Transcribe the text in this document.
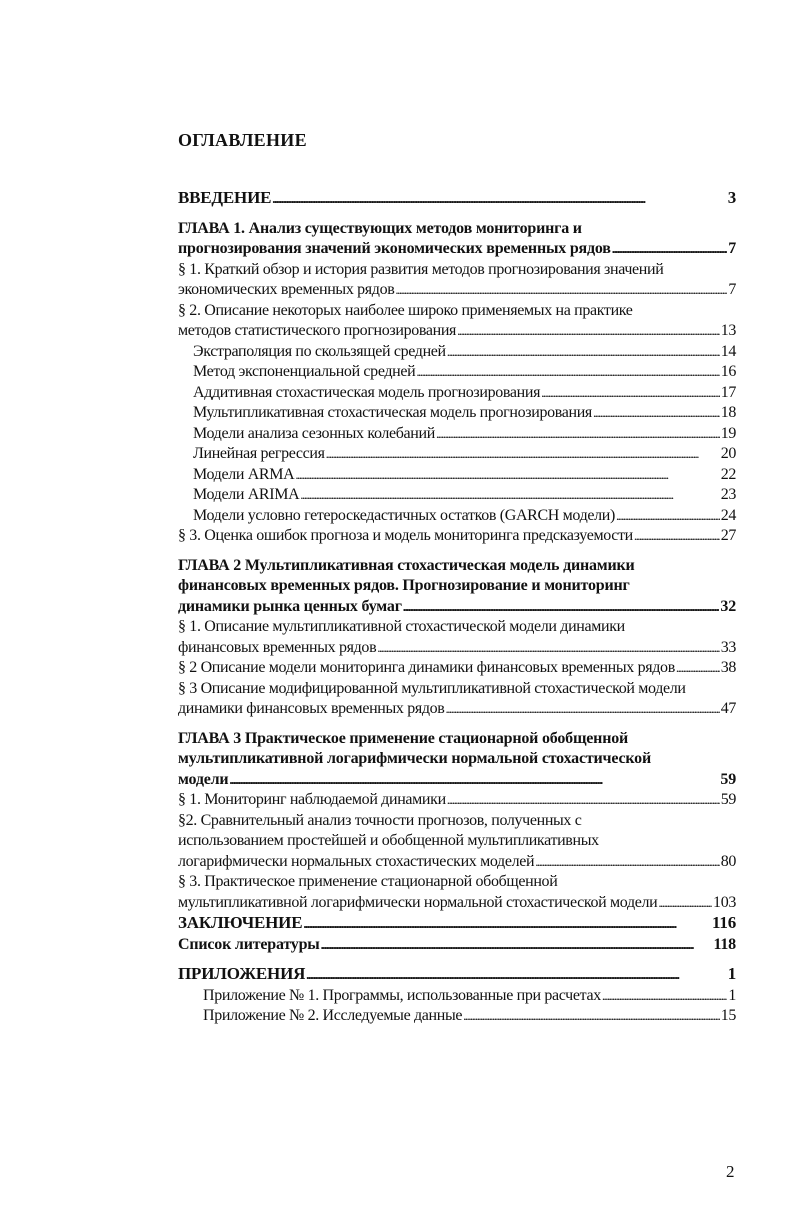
ОГЛАВЛЕНИЕ
ВВЕДЕНИЕ . . .	3
ГЛАВА 1. Анализ существующих методов мониторинга и
прогнозирования значений экономических временных рядов . . .	7
§ 1. Краткий обзор и история развития методов прогнозирования значений
экономических временных рядов . . .	7
§ 2. Описание некоторых наиболее широко применяемых на практике
методов статистического прогнозирования . . .	13
Экстраполяция по скользящей средней . . .	14
Метод экспоненциальной средней . . .	16
Аддитивная стохастическая модель прогнозирования . . .	17
Мультипликативная стохастическая модель прогнозирования . . .	18
Модели анализа сезонных колебаний . . .	19
Линейная регрессия . . .	20
Модели ARMA . . .	22
Модели ARIMA . . .	23
Модели условно гетероскедастичных остатков (GARCH модели) . . .	24
§ 3. Оценка ошибок прогноза и модель мониторинга предсказуемости . . .	27
ГЛАВА 2 Мультипликативная стохастическая модель динамики
финансовых временных рядов. Прогнозирование и мониторинг
динамики рынка ценных бумаг . . .	32
§ 1. Описание мультипликативной стохастической модели динамики
финансовых временных рядов . . .	33
§ 2 Описание модели мониторинга динамики финансовых временных рядов . . .	38
§ 3 Описание модифицированной мультипликативной стохастической модели
динамики финансовых временных рядов . . .	47
ГЛАВА 3 Практическое применение стационарной обобщенной
мультипликативной логарифмически нормальной стохастической
модели . . .	59
§ 1. Мониторинг наблюдаемой динамики . . .	59
§2. Сравнительный анализ точности прогнозов, полученных с
использованием простейшей и обобщенной мультипликативных
логарифмически нормальных стохастических моделей . . .	80
§ 3. Практическое применение стационарной обобщенной
мультипликативной логарифмически нормальной стохастической модели . . .	103
ЗАКЛЮЧЕНИЕ . . .	116
Список литературы . . .	118
ПРИЛОЖЕНИЯ . . .	1
Приложение № 1. Программы, использованные при расчетах . . .	1
Приложение № 2. Исследуемые данные . . .	15
2
